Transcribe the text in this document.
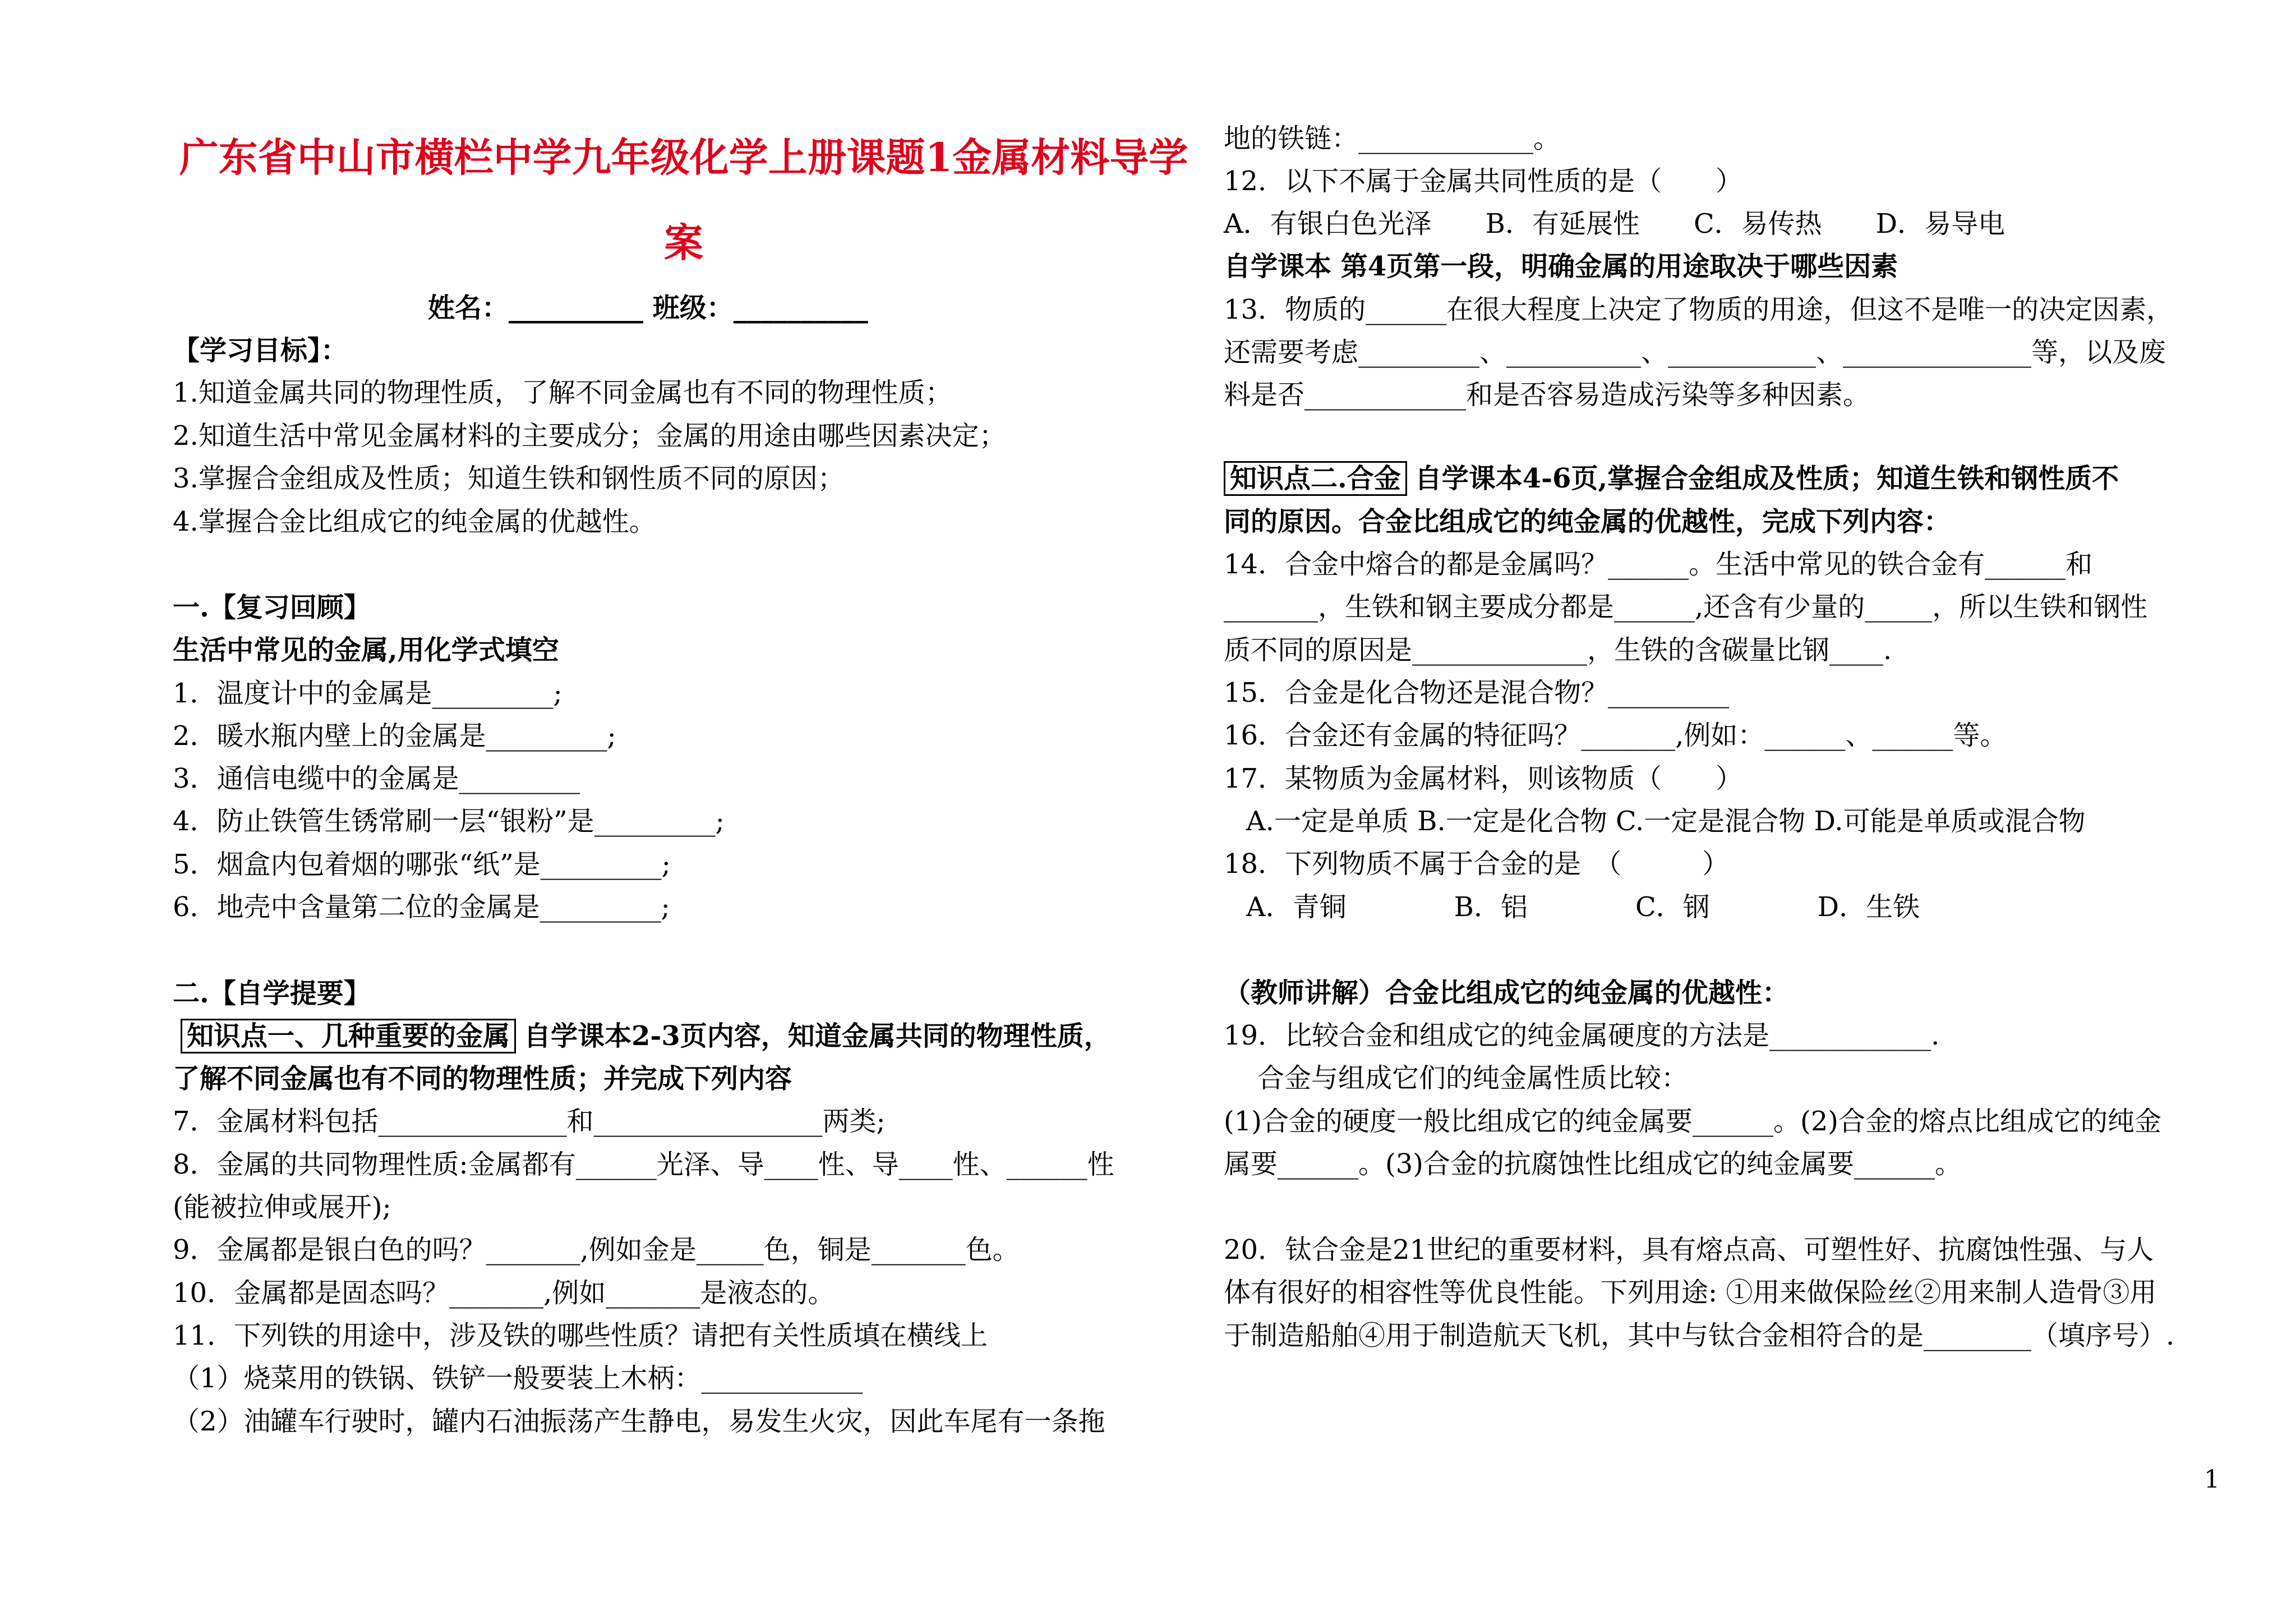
广东省中山市横栏中学九年级化学上册课题1金属材料导学
案
姓名：__________ 班级：__________
【学习目标】：
1.知道金属共同的物理性质，了解不同金属也有不同的物理性质；
2.知道生活中常见金属材料的主要成分；金属的用途由哪些因素决定；
3.掌握合金组成及性质；知道生铁和钢性质不同的原因；
4.掌握合金比组成它的纯金属的优越性。
一.【复习回顾】
生活中常见的金属,用化学式填空
1．温度计中的金属是_________;
2．暖水瓶内壁上的金属是_________;
3．通信电缆中的金属是_________
4．防止铁管生锈常刷一层“银粉”是_________;
5．烟盒内包着烟的哪张“纸”是_________;
6．地壳中含量第二位的金属是_________;
二.【自学提要】
知识点一、几种重要的金属 自学课本2-3页内容，知道金属共同的物理性质，
了解不同金属也有不同的物理性质；并完成下列内容
7．金属材料包括______________和_________________两类;
8．金属的共同物理性质:金属都有______光泽、导____性、导____性、______性
(能被拉伸或展开);
9．金属都是银白色的吗？_______,例如金是_____色，铜是_______色。
10．金属都是固态吗？_______,例如_______是液态的。
11．下列铁的用途中，涉及铁的哪些性质？请把有关性质填在横线上
（1）烧菜用的铁锅、铁铲一般要装上木柄：____________
（2）油罐车行驶时，罐内石油振荡产生静电，易发生火灾，因此车尾有一条拖
地的铁链：_____________。
12．以下不属于金属共同性质的是（　　）
A．有银白色光泽　　B．有延展性　　C．易传热　　D．易导电
自学课本 第4页第一段，明确金属的用途取决于哪些因素
13．物质的______在很大程度上决定了物质的用途，但这不是唯一的决定因素，
还需要考虑_________、__________、___________、______________等，以及废
料是否____________和是否容易造成污染等多种因素。
知识点二.合金 自学课本4-6页,掌握合金组成及性质；知道生铁和钢性质不
同的原因。合金比组成它的纯金属的优越性，完成下列内容：
14．合金中熔合的都是金属吗？______。生活中常见的铁合金有______和
_______，生铁和钢主要成分都是______,还含有少量的_____，所以生铁和钢性
质不同的原因是_____________，生铁的含碳量比钢____.
15．合金是化合物还是混合物？_________
16．合金还有金属的特征吗？_______,例如：______、______等。
17．某物质为金属材料，则该物质（　　）
A.一定是单质 B.一定是化合物 C.一定是混合物 D.可能是单质或混合物
18．下列物质不属于合金的是　（　　　）
A．青铜　　　　B．铝　　　　C．钢　　　　D．生铁
（教师讲解）合金比组成它的纯金属的优越性：
19．比较合金和组成它的纯金属硬度的方法是____________.
合金与组成它们的纯金属性质比较：
(1)合金的硬度一般比组成它的纯金属要______。(2)合金的熔点比组成它的纯金
属要______。(3)合金的抗腐蚀性比组成它的纯金属要______。
20．钛合金是21世纪的重要材料，具有熔点高、可塑性好、抗腐蚀性强、与人
体有很好的相容性等优良性能。下列用途: ①用来做保险丝②用来制人造骨③用
于制造船舶④用于制造航天飞机，其中与钛合金相符合的是________（填序号）.
1
